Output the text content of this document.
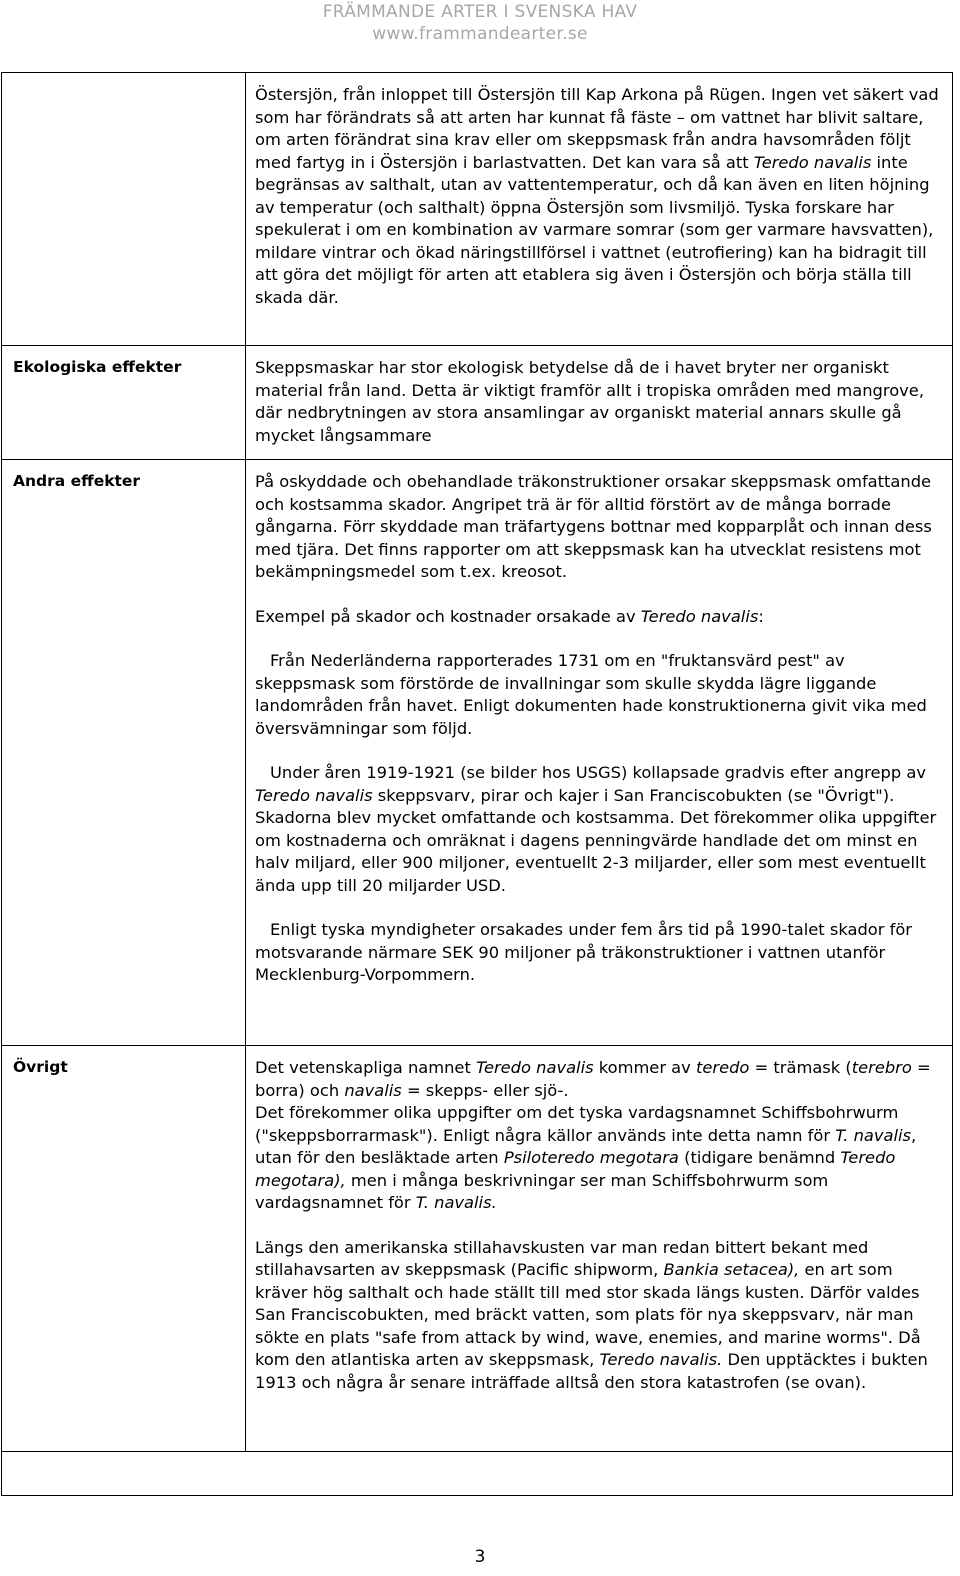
FRÄMMANDE ARTER I SVENSKA HAV
www.frammandearter.se

	Östersjön, från inloppet till Östersjön till Kap Arkona på Rügen. Ingen vet säkert vad som har förändrats så att arten har kunnat få fäste – om vattnet har blivit saltare, om arten förändrat sina krav eller om skeppsmask från andra havsområden följt med fartyg in i Östersjön i barlastvatten. Det kan vara så att Teredo navalis inte begränsas av salthalt, utan av vattentemperatur, och då kan även en liten höjning av temperatur (och salthalt) öppna Östersjön som livsmiljö. Tyska forskare har spekulerat i om en kombination av varmare somrar (som ger varmare havsvatten), mildare vintrar och ökad näringstillförsel i vattnet (eutrofiering) kan ha bidragit till att göra det möjligt för arten att etablera sig även i Östersjön och börja ställa till skada där.

Ekologiska effekter	Skeppsmaskar har stor ekologisk betydelse då de i havet bryter ner organiskt material från land. Detta är viktigt framför allt i tropiska områden med mangrove, där nedbrytningen av stora ansamlingar av organiskt material annars skulle gå mycket långsammare

Andra effekter	På oskyddade och obehandlade träkonstruktioner orsakar skeppsmask omfattande och kostsamma skador. Angripet trä är för alltid förstört av de många borrade gångarna. Förr skyddade man träfartygens bottnar med kopparplåt och innan dess med tjära. Det finns rapporter om att skeppsmask kan ha utvecklat resistens mot bekämpningsmedel som t.ex. kreosot.

Exempel på skador och kostnader orsakade av Teredo navalis:

Från Nederländerna rapporterades 1731 om en "fruktansvärd pest" av skeppsmask som förstörde de invallningar som skulle skydda lägre liggande landområden från havet. Enligt dokumenten hade konstruktionerna givit vika med översvämningar som följd.

Under åren 1919-1921 (se bilder hos USGS) kollapsade gradvis efter angrepp av Teredo navalis skeppsvarv, pirar och kajer i San Franciscobukten (se "Övrigt"). Skadorna blev mycket omfattande och kostsamma. Det förekommer olika uppgifter om kostnaderna och omräknat i dagens penningvärde handlade det om minst en halv miljard, eller 900 miljoner, eventuellt 2-3 miljarder, eller som mest eventuellt ända upp till 20 miljarder USD.

Enligt tyska myndigheter orsakades under fem års tid på 1990-talet skador för motsvarande närmare SEK 90 miljoner på träkonstruktioner i vattnen utanför Mecklenburg-Vorpommern.

Övrigt	Det vetenskapliga namnet Teredo navalis kommer av teredo = trämask (terebro = borra) och navalis = skepps- eller sjö-.

Det förekommer olika uppgifter om det tyska vardagsnamnet Schiffsbohrwurm ("skeppsborrarmask"). Enligt några källor används inte detta namn för T. navalis, utan för den besläktade arten Psiloteredo megotara (tidigare benämnd Teredo megotara), men i många beskrivningar ser man Schiffsbohrwurm som vardagsnamnet för T. navalis.

Längs den amerikanska stillahavskusten var man redan bittert bekant med stillahavsarten av skeppsmask (Pacific shipworm, Bankia setacea), en art som kräver hög salthalt och hade ställt till med stor skada längs kusten. Därför valdes San Franciscobukten, med bräckt vatten, som plats för nya skeppsvarv, när man sökte en plats "safe from attack by wind, wave, enemies, and marine worms". Då kom den atlantiska arten av skeppsmask, Teredo navalis. Den upptäcktes i bukten 1913 och några år senare inträffade alltså den stora katastrofen (se ovan).

3
